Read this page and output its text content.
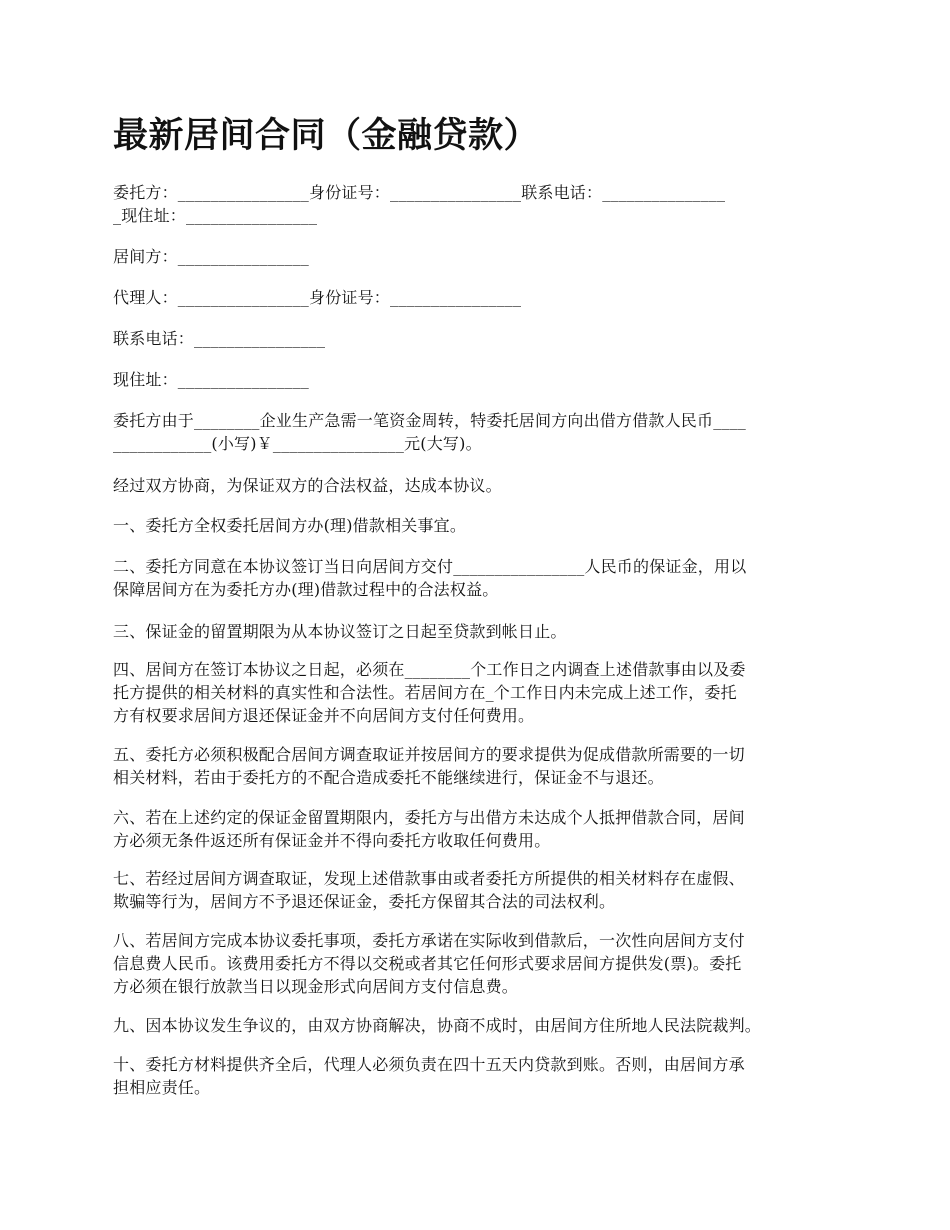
最新居间合同（金融贷款）

委托方：________________身份证号：________________联系电话：_______________
_现住址：________________

居间方：________________

代理人：________________身份证号：________________

联系电话：________________

现住址：________________

委托方由于________企业生产急需一笔资金周转，特委托居间方向出借方借款人民币____
____________(小写)￥________________元(大写)。

经过双方协商，为保证双方的合法权益，达成本协议。

一、委托方全权委托居间方办(理)借款相关事宜。

二、委托方同意在本协议签订当日向居间方交付________________人民币的保证金，用以
保障居间方在为委托方办(理)借款过程中的合法权益。

三、保证金的留置期限为从本协议签订之日起至贷款到帐日止。

四、居间方在签订本协议之日起，必须在________个工作日之内调查上述借款事由以及委
托方提供的相关材料的真实性和合法性。若居间方在_个工作日内未完成上述工作，委托
方有权要求居间方退还保证金并不向居间方支付任何费用。

五、委托方必须积极配合居间方调查取证并按居间方的要求提供为促成借款所需要的一切
相关材料，若由于委托方的不配合造成委托不能继续进行，保证金不与退还。

六、若在上述约定的保证金留置期限内，委托方与出借方未达成个人抵押借款合同，居间
方必须无条件返还所有保证金并不得向委托方收取任何费用。

七、若经过居间方调查取证，发现上述借款事由或者委托方所提供的相关材料存在虚假、
欺骗等行为，居间方不予退还保证金，委托方保留其合法的司法权利。

八、若居间方完成本协议委托事项，委托方承诺在实际收到借款后，一次性向居间方支付
信息费人民币。该费用委托方不得以交税或者其它任何形式要求居间方提供发(票)。委托
方必须在银行放款当日以现金形式向居间方支付信息费。

九、因本协议发生争议的，由双方协商解决，协商不成时，由居间方住所地人民法院裁判。

十、委托方材料提供齐全后，代理人必须负责在四十五天内贷款到账。否则，由居间方承
担相应责任。
